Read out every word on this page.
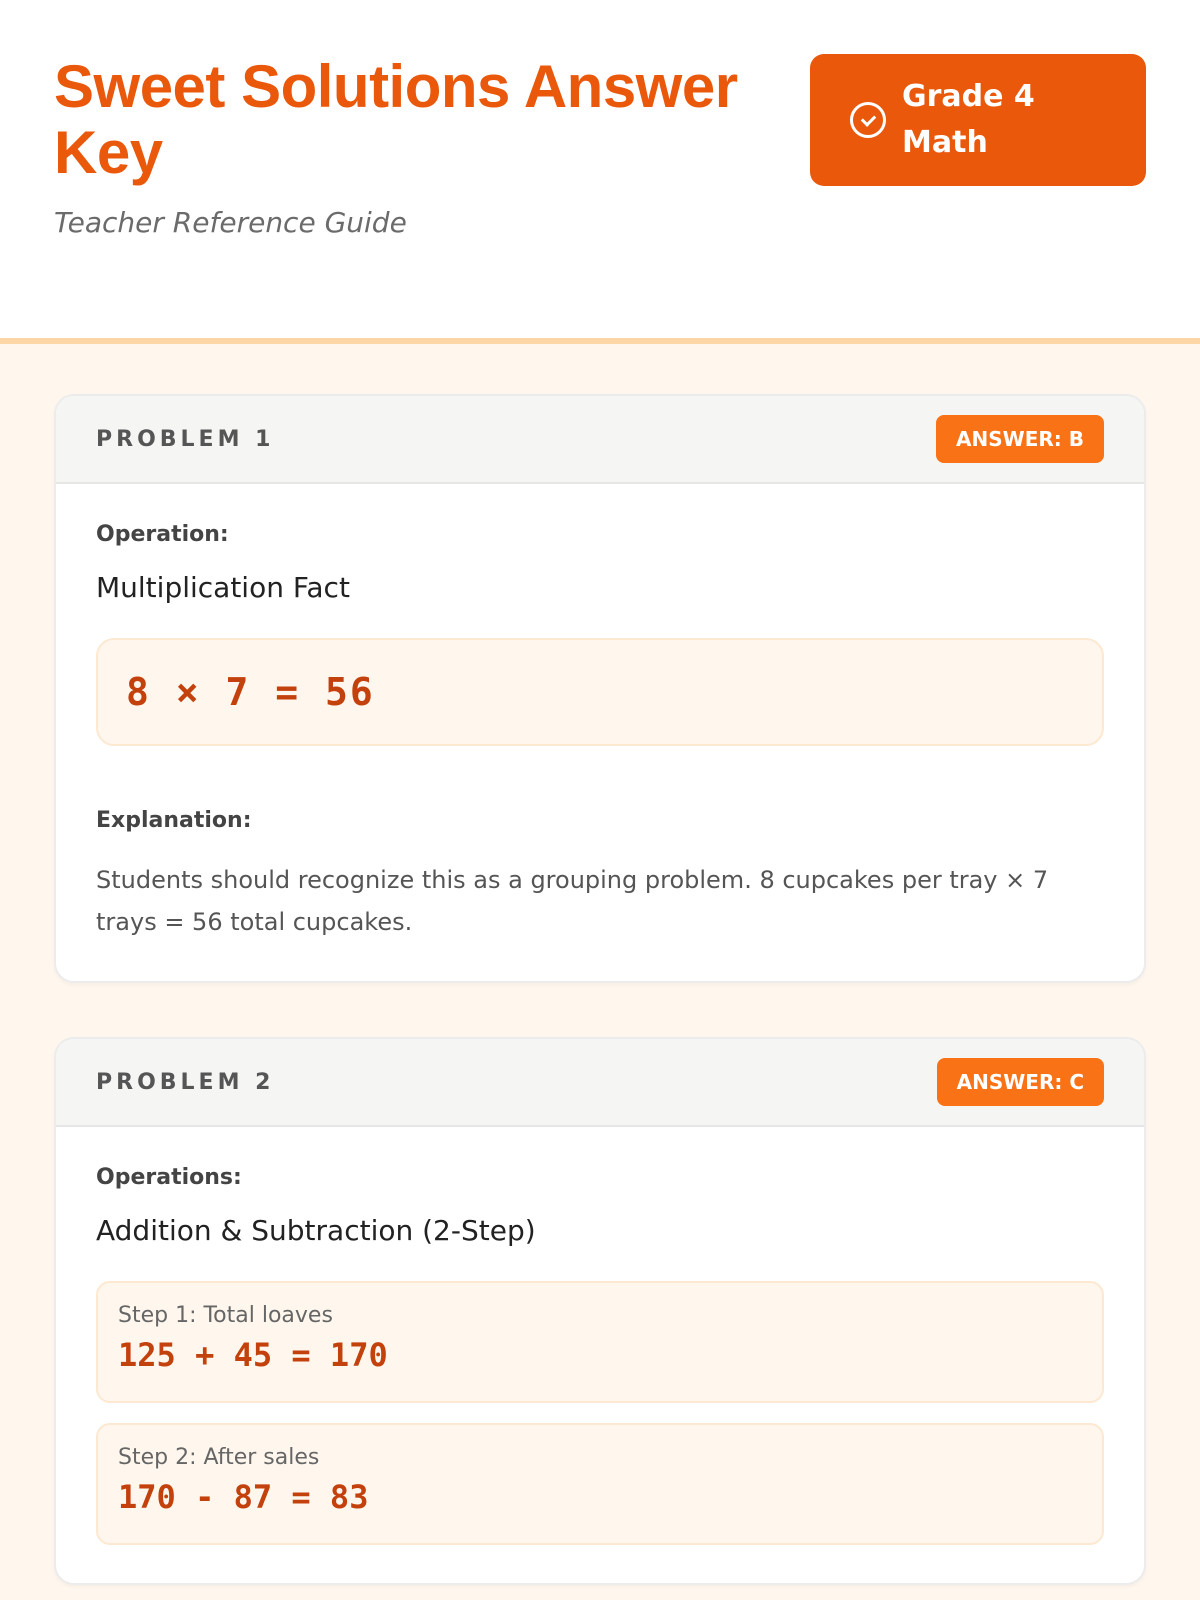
Sweet Solutions Answer Key
Teacher Reference Guide
Grade 4 Math
PROBLEM 1	ANSWER: B
Operation:
Multiplication Fact
8 × 7 = 56
Explanation:
Students should recognize this as a grouping problem. 8 cupcakes per tray × 7 trays = 56 total cupcakes.
PROBLEM 2	ANSWER: C
Operations:
Addition & Subtraction (2-Step)
Step 1: Total loaves
125 + 45 = 170
Step 2: After sales
170 - 87 = 83
